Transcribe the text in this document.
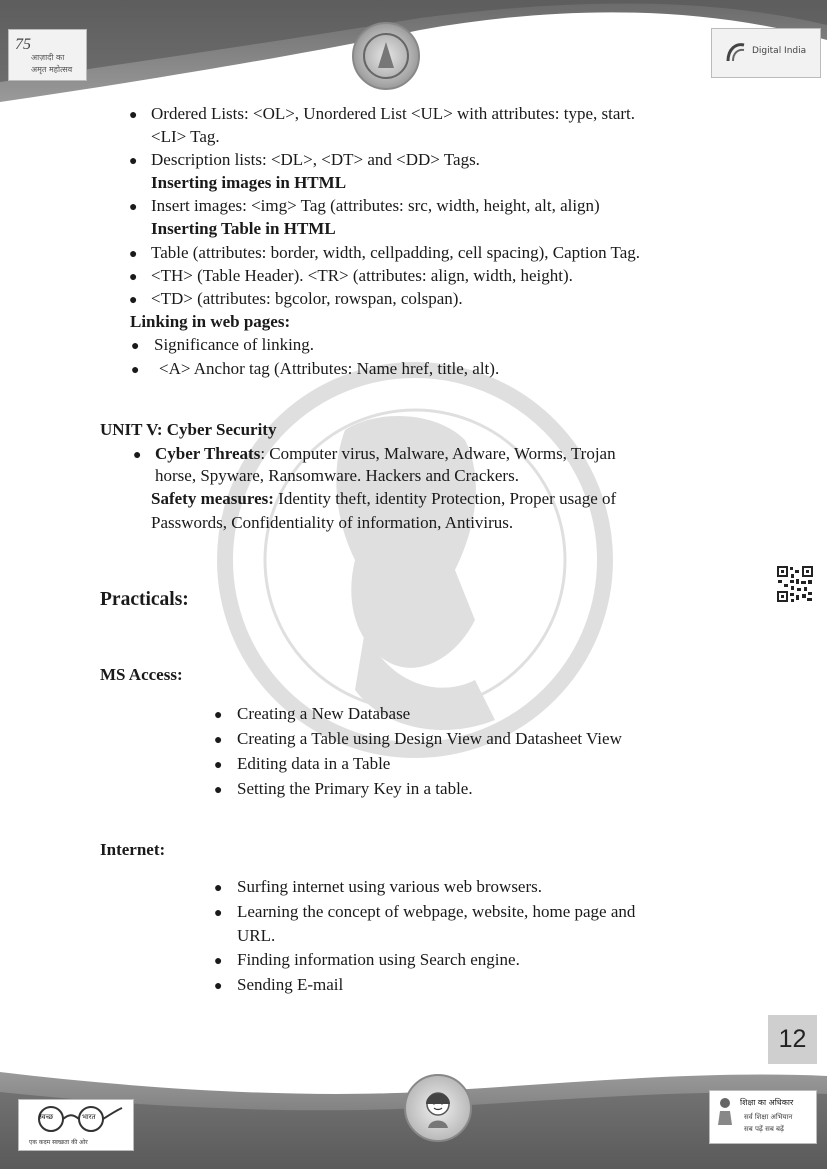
75
आज़ादी का
अमृत महोत्सव
Digital India
● Ordered Lists: <OL>, Unordered List <UL> with attributes: type, start.
<LI> Tag.
● Description lists: <DL>, <DT> and <DD> Tags.
Inserting images in HTML
● Insert images: <img> Tag (attributes: src, width, height, alt, align)
Inserting Table in HTML
● Table (attributes: border, width, cellpadding, cell spacing), Caption Tag.
● <TH> (Table Header). <TR> (attributes: align, width, height).
● <TD> (attributes: bgcolor, rowspan, colspan).
Linking in web pages:
● Significance of linking.
● <A> Anchor tag (Attributes: Name href, title, alt).
UNIT V: Cyber Security
● Cyber Threats: Computer virus, Malware, Adware, Worms, Trojan
horse, Spyware, Ransomware. Hackers and Crackers.
Safety measures: Identity theft, identity Protection, Proper usage of
Passwords, Confidentiality of information, Antivirus.
Practicals:
MS Access:
● Creating a New Database
● Creating a Table using Design View and Datasheet View
● Editing data in a Table
● Setting the Primary Key in a table.
Internet:
● Surfing internet using various web browsers.
● Learning the concept of webpage, website, home page and
URL.
● Finding information using Search engine.
● Sending E-mail
12
स्वच्छ	भारत
एक कदम स्वच्छता की ओर
शिक्षा का अधिकार
सर्व शिक्षा अभियान
सब पढ़ें सब बढ़ें
